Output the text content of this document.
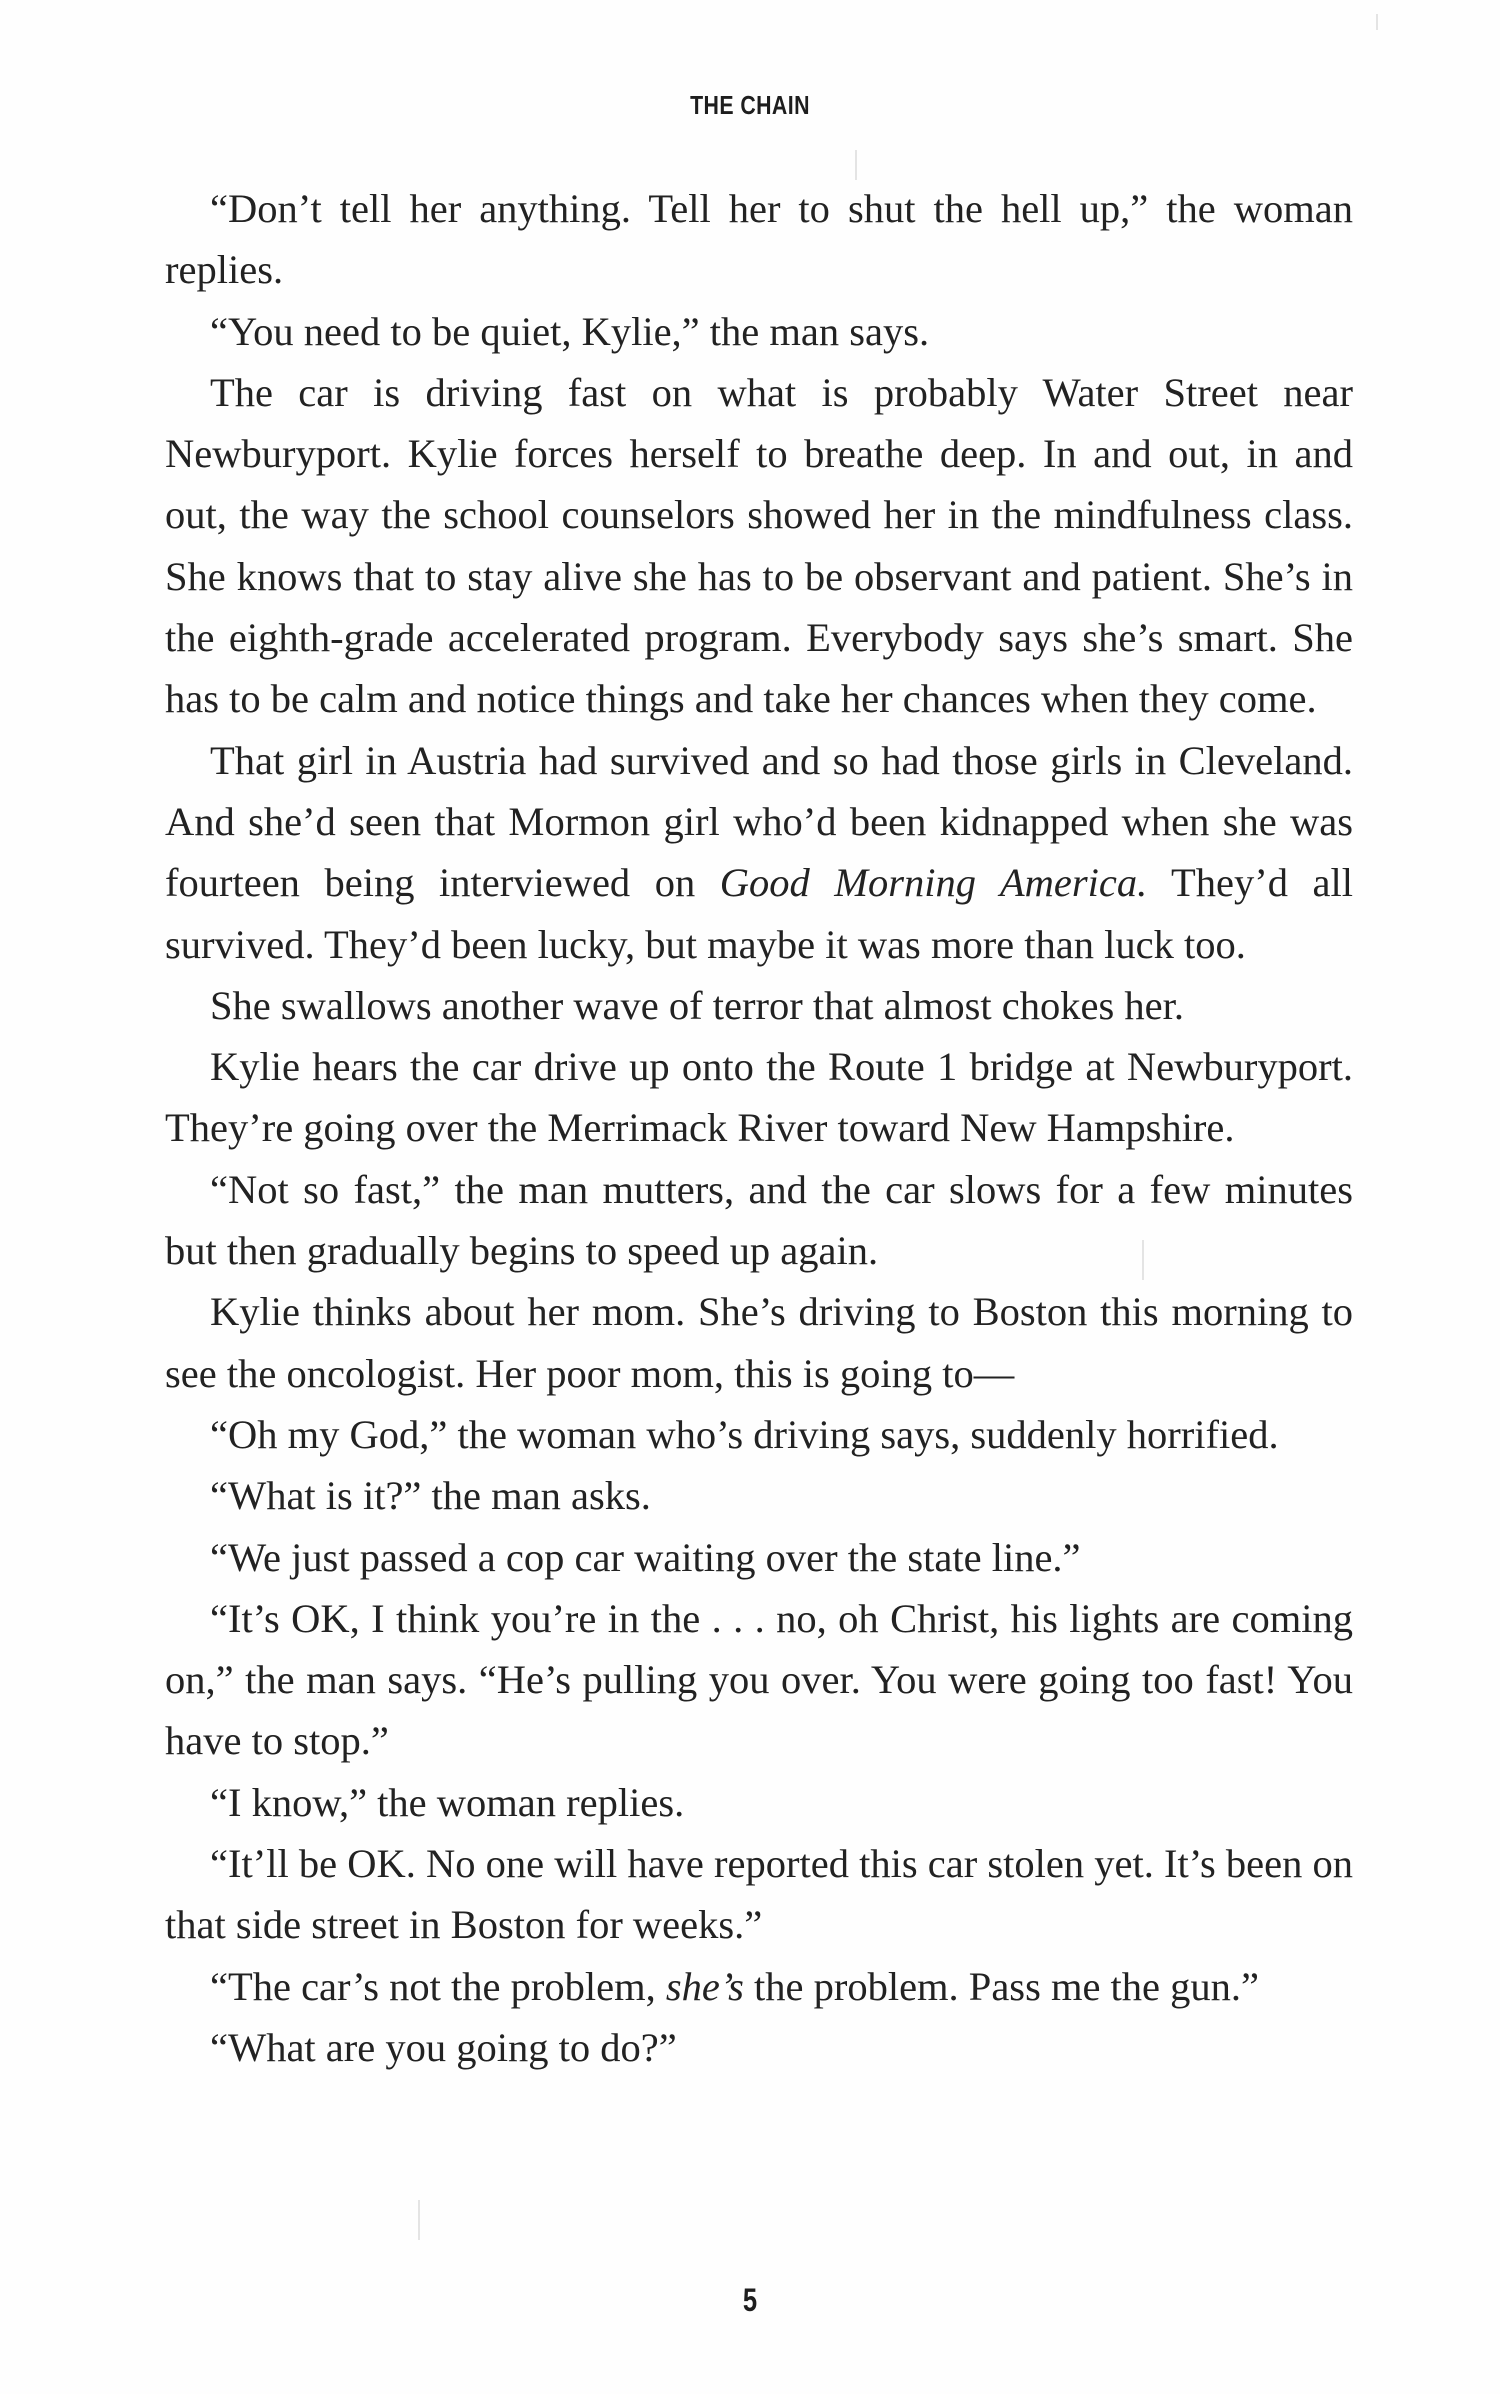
THE CHAIN

“Don’t tell her anything. Tell her to shut the hell up,” the woman replies.

“You need to be quiet, Kylie,” the man says.

The car is driving fast on what is probably Water Street near Newburyport. Kylie forces herself to breathe deep. In and out, in and out, the way the school counselors showed her in the mindfulness class. She knows that to stay alive she has to be observant and patient. She’s in the eighth-grade accelerated program. Everybody says she’s smart. She has to be calm and notice things and take her chances when they come.

That girl in Austria had survived and so had those girls in Cleveland. And she’d seen that Mormon girl who’d been kidnapped when she was fourteen being interviewed on Good Morning America. They’d all survived. They’d been lucky, but maybe it was more than luck too.

She swallows another wave of terror that almost chokes her.

Kylie hears the car drive up onto the Route 1 bridge at Newburyport. They’re going over the Merrimack River toward New Hampshire.

“Not so fast,” the man mutters, and the car slows for a few minutes but then gradually begins to speed up again.

Kylie thinks about her mom. She’s driving to Boston this morning to see the oncologist. Her poor mom, this is going to—

“Oh my God,” the woman who’s driving says, suddenly horrified.

“What is it?” the man asks.

“We just passed a cop car waiting over the state line.”

“It’s OK, I think you’re in the . . . no, oh Christ, his lights are coming on,” the man says. “He’s pulling you over. You were going too fast! You have to stop.”

“I know,” the woman replies.

“It’ll be OK. No one will have reported this car stolen yet. It’s been on that side street in Boston for weeks.”

“The car’s not the problem, she’s the problem. Pass me the gun.”

“What are you going to do?”

5
